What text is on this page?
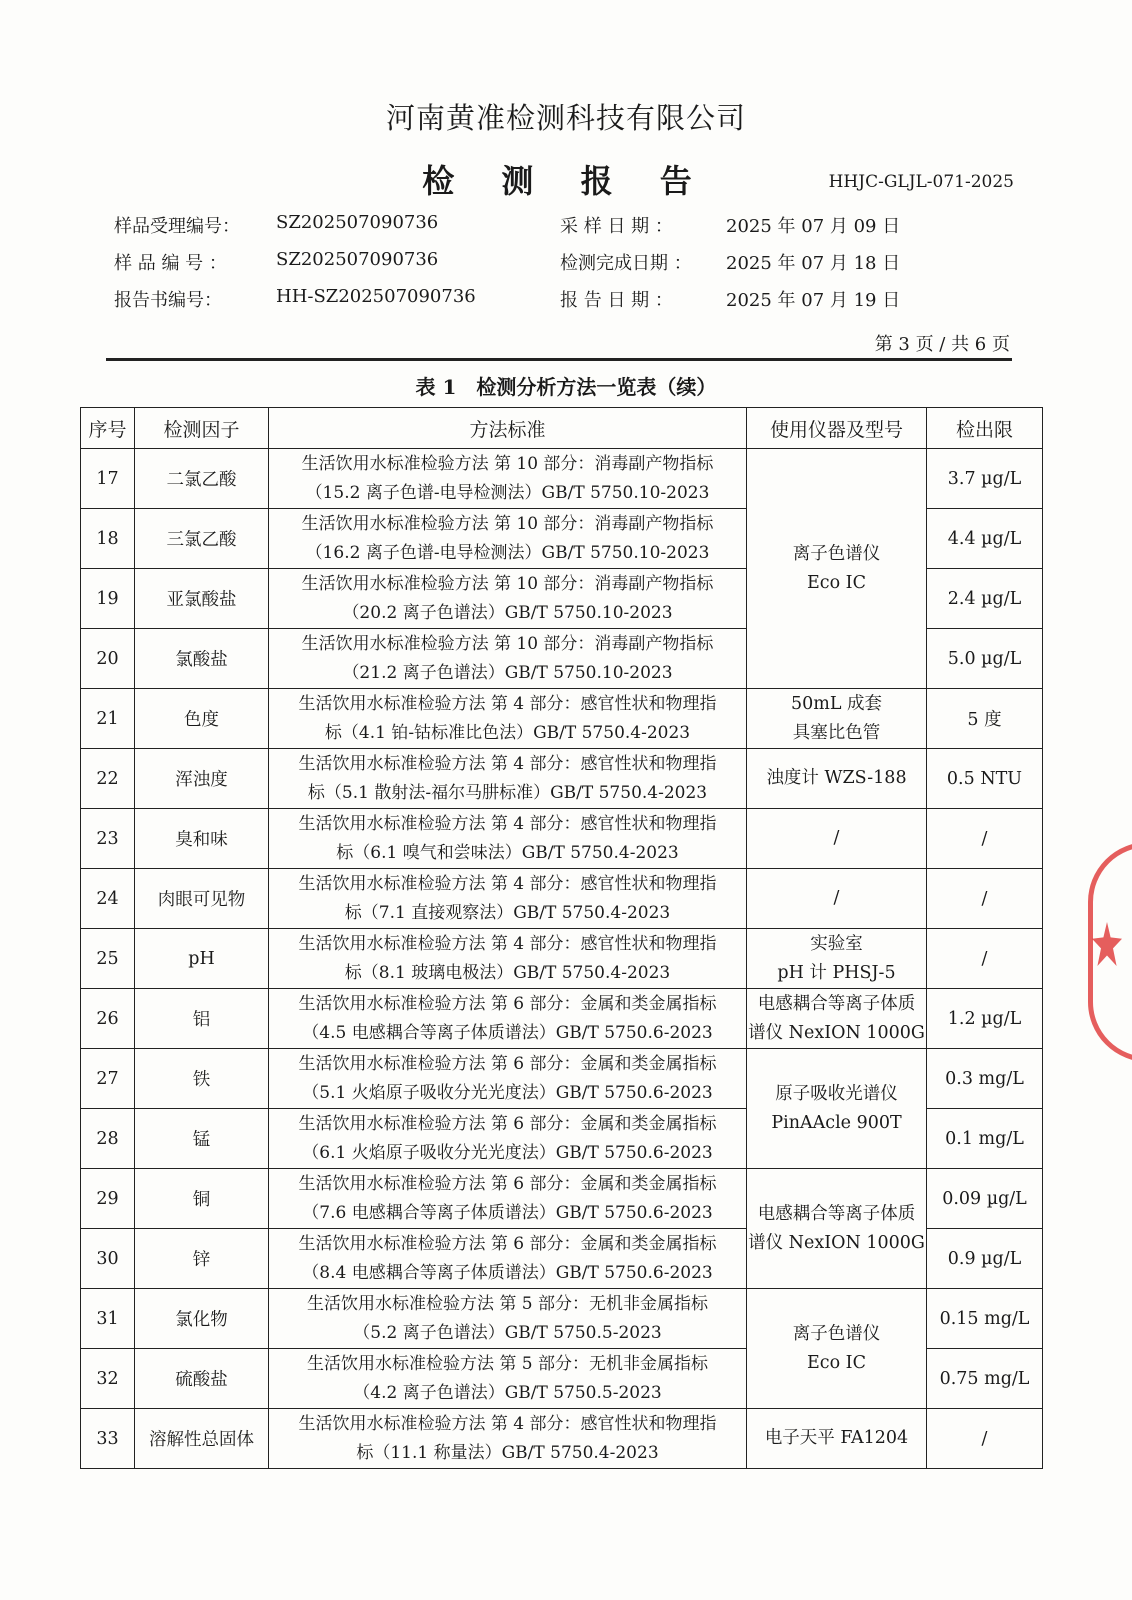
河南黄准检测科技有限公司
检 测 报 告	HHJC-GLJL-071-2025
样品受理编号： SZ202507090736
样 品 编 号 ：	SZ202507090736
报告书编号：	HH-SZ202507090736
采 样 日 期 ：	2025 年 07 月 09 日
检测完成日期 ： 2025 年 07 月 18 日
报 告 日 期 ：	2025 年 07 月 19 日
第 3 页 / 共 6 页
表 1　检测分析方法一览表（续）
序号	检测因子	方法标准	使用仪器及型号	检出限
17	二氯乙酸	生活饮用水标准检验方法 第 10 部分：消毒副产物指标
（15.2 离子色谱-电导检测法）GB/T 5750.10-2023	离子色谱仪
Eco IC	3.7 µg/L
18	三氯乙酸	生活饮用水标准检验方法 第 10 部分：消毒副产物指标
（16.2 离子色谱-电导检测法）GB/T 5750.10-2023		4.4 µg/L
19	亚氯酸盐	生活饮用水标准检验方法 第 10 部分：消毒副产物指标
（20.2 离子色谱法）GB/T 5750.10-2023		2.4 µg/L
20	氯酸盐	生活饮用水标准检验方法 第 10 部分：消毒副产物指标
（21.2 离子色谱法）GB/T 5750.10-2023		5.0 µg/L
21	色度	生活饮用水标准检验方法 第 4 部分：感官性状和物理指
标（4.1 铂-钴标准比色法）GB/T 5750.4-2023	50mL 成套
具塞比色管	5 度
22	浑浊度	生活饮用水标准检验方法 第 4 部分：感官性状和物理指
标（5.1 散射法-福尔马肼标准）GB/T 5750.4-2023	浊度计 WZS-188	0.5 NTU
23	臭和味	生活饮用水标准检验方法 第 4 部分：感官性状和物理指
标（6.1 嗅气和尝味法）GB/T 5750.4-2023	/	/
24	肉眼可见物	生活饮用水标准检验方法 第 4 部分：感官性状和物理指
标（7.1 直接观察法）GB/T 5750.4-2023	/	/
25	pH	生活饮用水标准检验方法 第 4 部分：感官性状和物理指
标（8.1 玻璃电极法）GB/T 5750.4-2023	实验室
pH 计 PHSJ-5	/
26	铝	生活饮用水标准检验方法 第 6 部分：金属和类金属指标
（4.5 电感耦合等离子体质谱法）GB/T 5750.6-2023	电感耦合等离子体质
谱仪 NexION 1000G	1.2 µg/L
27	铁	生活饮用水标准检验方法 第 6 部分：金属和类金属指标
（5.1 火焰原子吸收分光光度法）GB/T 5750.6-2023	原子吸收光谱仪
PinAAcle 900T	0.3 mg/L
28	锰	生活饮用水标准检验方法 第 6 部分：金属和类金属指标
（6.1 火焰原子吸收分光光度法）GB/T 5750.6-2023		0.1 mg/L
29	铜	生活饮用水标准检验方法 第 6 部分：金属和类金属指标
（7.6 电感耦合等离子体质谱法）GB/T 5750.6-2023	电感耦合等离子体质
谱仪 NexION 1000G	0.09 µg/L
30	锌	生活饮用水标准检验方法 第 6 部分：金属和类金属指标
（8.4 电感耦合等离子体质谱法）GB/T 5750.6-2023		0.9 µg/L
31	氯化物	生活饮用水标准检验方法 第 5 部分：无机非金属指标
（5.2 离子色谱法）GB/T 5750.5-2023	离子色谱仪
Eco IC	0.15 mg/L
32	硫酸盐	生活饮用水标准检验方法 第 5 部分：无机非金属指标
（4.2 离子色谱法）GB/T 5750.5-2023		0.75 mg/L
33	溶解性总固体	生活饮用水标准检验方法 第 4 部分：感官性状和物理指
标（11.1 称量法）GB/T 5750.4-2023	电子天平 FA1204	/
